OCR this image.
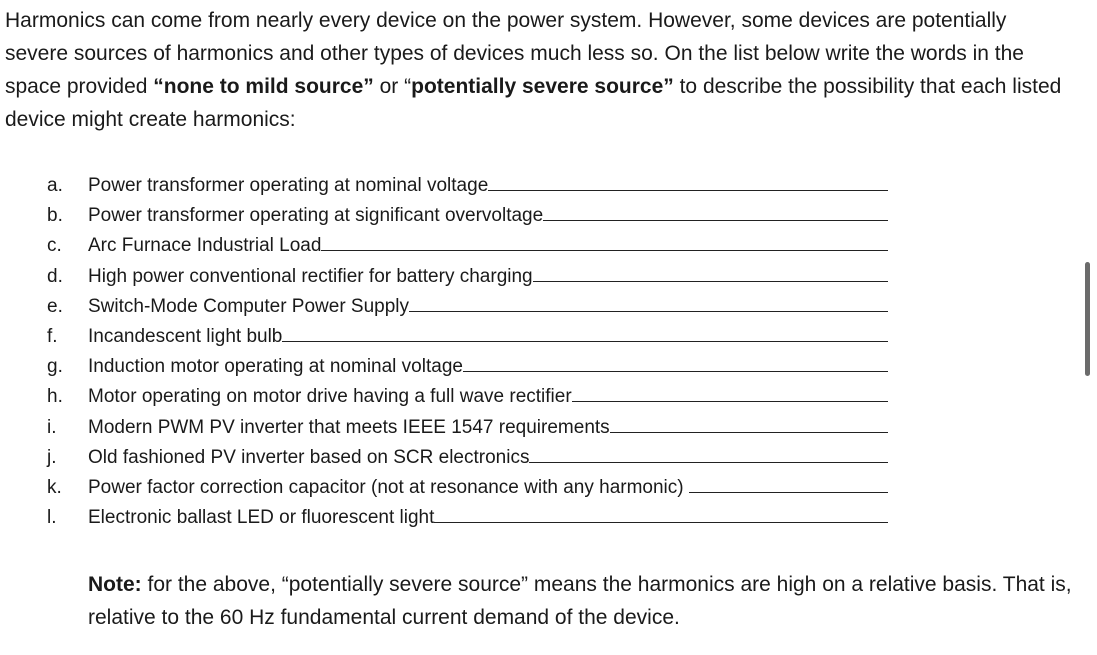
Harmonics can come from nearly every device on the power system. However, some devices are potentially severe sources of harmonics and other types of devices much less so. On the list below write the words in the space provided “none to mild source” or “potentially severe source” to describe the possibility that each listed device might create harmonics:

a.	Power transformer operating at nominal voltage
b.	Power transformer operating at significant overvoltage
c.	Arc Furnace Industrial Load
d.	High power conventional rectifier for battery charging
e.	Switch-Mode Computer Power Supply
f.	Incandescent light bulb
g.	Induction motor operating at nominal voltage
h.	Motor operating on motor drive having a full wave rectifier
i.	Modern PWM PV inverter that meets IEEE 1547 requirements
j.	Old fashioned PV inverter based on SCR electronics
k.	Power factor correction capacitor (not at resonance with any harmonic)
l.	Electronic ballast LED or fluorescent light

Note: for the above, “potentially severe source” means the harmonics are high on a relative basis. That is, relative to the 60 Hz fundamental current demand of the device.
